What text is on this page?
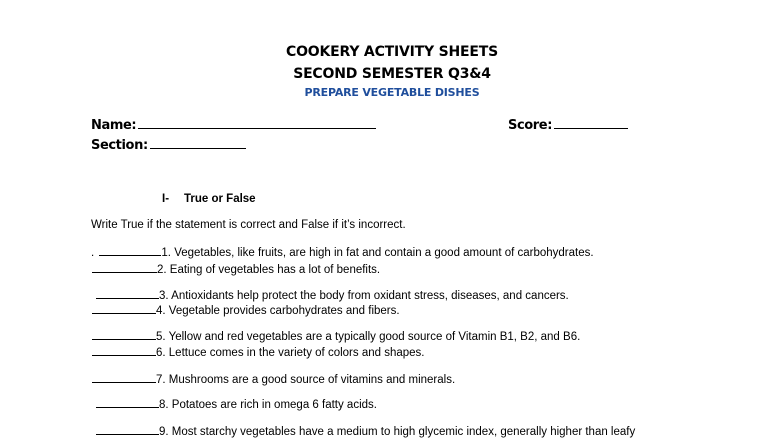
COOKERY ACTIVITY SHEETS
SECOND SEMESTER Q3&4
PREPARE VEGETABLE DISHES
Name:	Score:
Section:
I- True or False
Write True if the statement is correct and False if it’s incorrect.
.	1. Vegetables, like fruits, are high in fat and contain a good amount of carbohydrates.
2. Eating of vegetables has a lot of benefits.
3. Antioxidants help protect the body from oxidant stress, diseases, and cancers.
4. Vegetable provides carbohydrates and fibers.
5. Yellow and red vegetables are a typically good source of Vitamin B1, B2, and B6.
6. Lettuce comes in the variety of colors and shapes.
7. Mushrooms are a good source of vitamins and minerals.
8. Potatoes are rich in omega 6 fatty acids.
9. Most starchy vegetables have a medium to high glycemic index, generally higher than leafy
